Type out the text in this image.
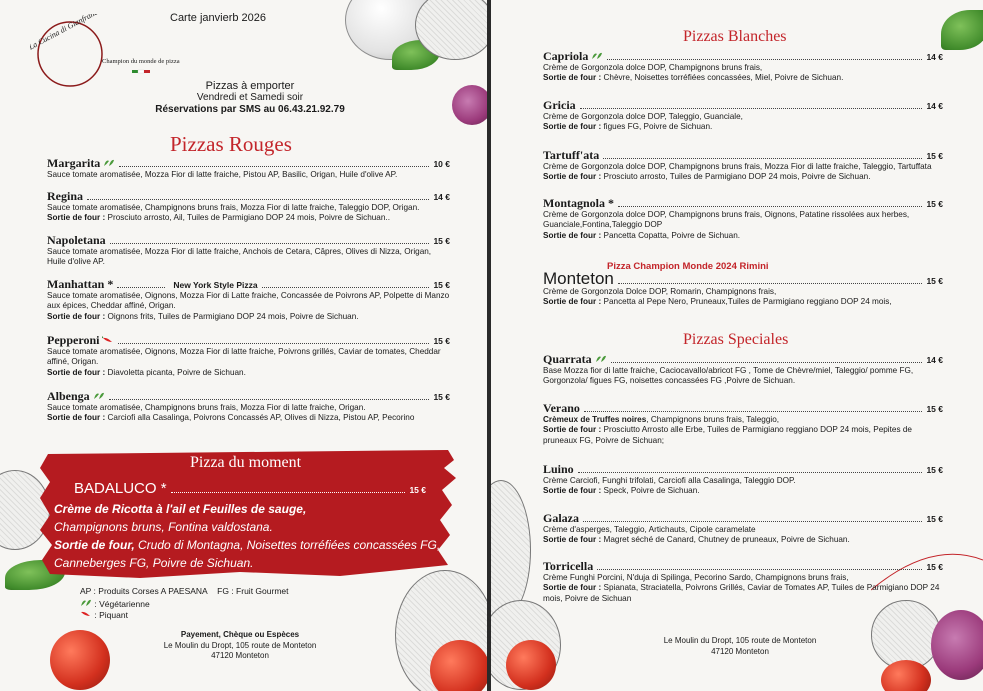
La Cucina di Gianfranco
Champion du monde de pizza
Carte janvierb 2026
Pizzas à emporter
Vendredi et Samedi soir
Réservations par SMS au 06.43.21.92.79
Pizzas Rouges
Margarita	10 €
Sauce tomate aromatisée, Mozza Fior di latte fraiche, Pistou AP, Basilic, Origan, Huile d'olive AP.
Regina	14 €
Sauce tomate aromatisée, Champignons bruns frais, Mozza Fior di latte fraiche, Taleggio DOP, Origan.
Sortie de four : Prosciuto arrosto, Ail, Tuiles de Parmigiano DOP 24 mois, Poivre de Sichuan..
Napoletana	15 €
Sauce tomate aromatisée, Mozza Fior di latte fraiche, Anchois de Cetara, Câpres, Olives di Nizza, Origan, Huile d'olive AP.
Manhattan *	New York Style Pizza	15 €
Sauce tomate aromatisée, Oignons, Mozza Fior di Latte fraiche, Concassée de Poivrons AP, Polpette di Manzo aux épices, Cheddar affiné, Origan.
Sortie de four : Oignons frits, Tuiles de Parmigiano DOP 24 mois, Poivre de Sichuan.
Pepperoni	15 €
Sauce tomate aromatisée, Oignons, Mozza Fior di latte fraiche, Poivrons grillés, Caviar de tomates, Cheddar affiné, Origan.
Sortie de four : Diavoletta picanta, Poivre de Sichuan.
Albenga	15 €
Sauce tomate aromatisée, Champignons bruns frais, Mozza Fior di latte fraiche, Origan.
Sortie de four : Carciofi alla Casalinga, Poivrons Concassés AP, Olives di Nizza, Pistou AP, Pecorino
Pizza du moment
BADALUCO *	15 €
Crème de Ricotta à l'ail et Feuilles de sauge,
Champignons bruns, Fontina valdostana.
Sortie de four, Crudo di Montagna, Noisettes torréfiées concassées FG, Canneberges FG, Poivre de Sichuan.
AP : Produits Corses A PAESANA FG : Fruit Gourmet
: Végétarienne
: Piquant
Payement, Chèque ou Espèces
Le Moulin du Dropt, 105 route de Monteton
47120 Monteton
Pizzas Blanches
Capriola	14 €
Crème de Gorgonzola dolce DOP, Champignons bruns frais,
Sortie de four : Chèvre, Noisettes torréfiées concassées, Miel, Poivre de Sichuan.
Gricia	14 €
Crème de Gorgonzola dolce DOP, Taleggio, Guanciale,
Sortie de four : figues FG, Poivre de Sichuan.
Tartuff'ata	15 €
Crème de Gorgonzola dolce DOP, Champignons bruns frais, Mozza Fior di latte fraiche, Taleggio, Tartuffata
Sortie de four : Prosciuto arrosto, Tuiles de Parmigiano DOP 24 mois, Poivre de Sichuan.
Montagnola *	15 €
Crème de Gorgonzola dolce DOP, Champignons bruns frais, Oignons, Patatine rissolées aux herbes, Guanciale,Fontina,Taleggio DOP
Sortie de four : Pancetta Copatta, Poivre de Sichuan.
Monteton	15 €
Crème de Gorgonzola Dolce DOP, Romarin, Champignons frais,
Sortie de four : Pancetta al Pepe Nero, Pruneaux,Tuiles de Parmigiano reggiano DOP 24 mois,
Quarrata	14 €
Base Mozza fior di latte fraiche, Caciocavallo/abricot FG , Tome de Chèvre/miel, Taleggio/ pomme FG, Gorgonzola/ figues FG, noisettes concassées FG ,Poivre de Sichuan.
Verano	15 €
Crèmeux de Truffes noires, Champignons bruns frais, Taleggio,
Sortie de four : Prosciutto Arrosto alle Erbe, Tuiles de Parmigiano reggiano DOP 24 mois, Pepites de pruneaux FG, Poivre de Sichuan;
Luino	15 €
Crème Carciofi, Funghi trifolati, Carciofi alla Casalinga, Taleggio DOP.
Sortie de four : Speck, Poivre de Sichuan.
Galaza	15 €
Crème d'asperges, Taleggio, Artichauts, Cipole caramelate
Sortie de four : Magret séché de Canard, Chutney de pruneaux, Poivre de Sichuan.
Torricella	15 €
Crème Funghi Porcini, N'duja di Spilinga, Pecorino Sardo, Champignons bruns frais,
Sortie de four : Spianata, Straciatella, Poivrons Grillés, Caviar de Tomates AP, Tuiles de Parmigiano DOP 24 mois, Poivre de Sichuan
Pizza Champion Monde 2024 Rimini
Pizzas Speciales
Le Moulin du Dropt, 105 route de Monteton
47120 Monteton
